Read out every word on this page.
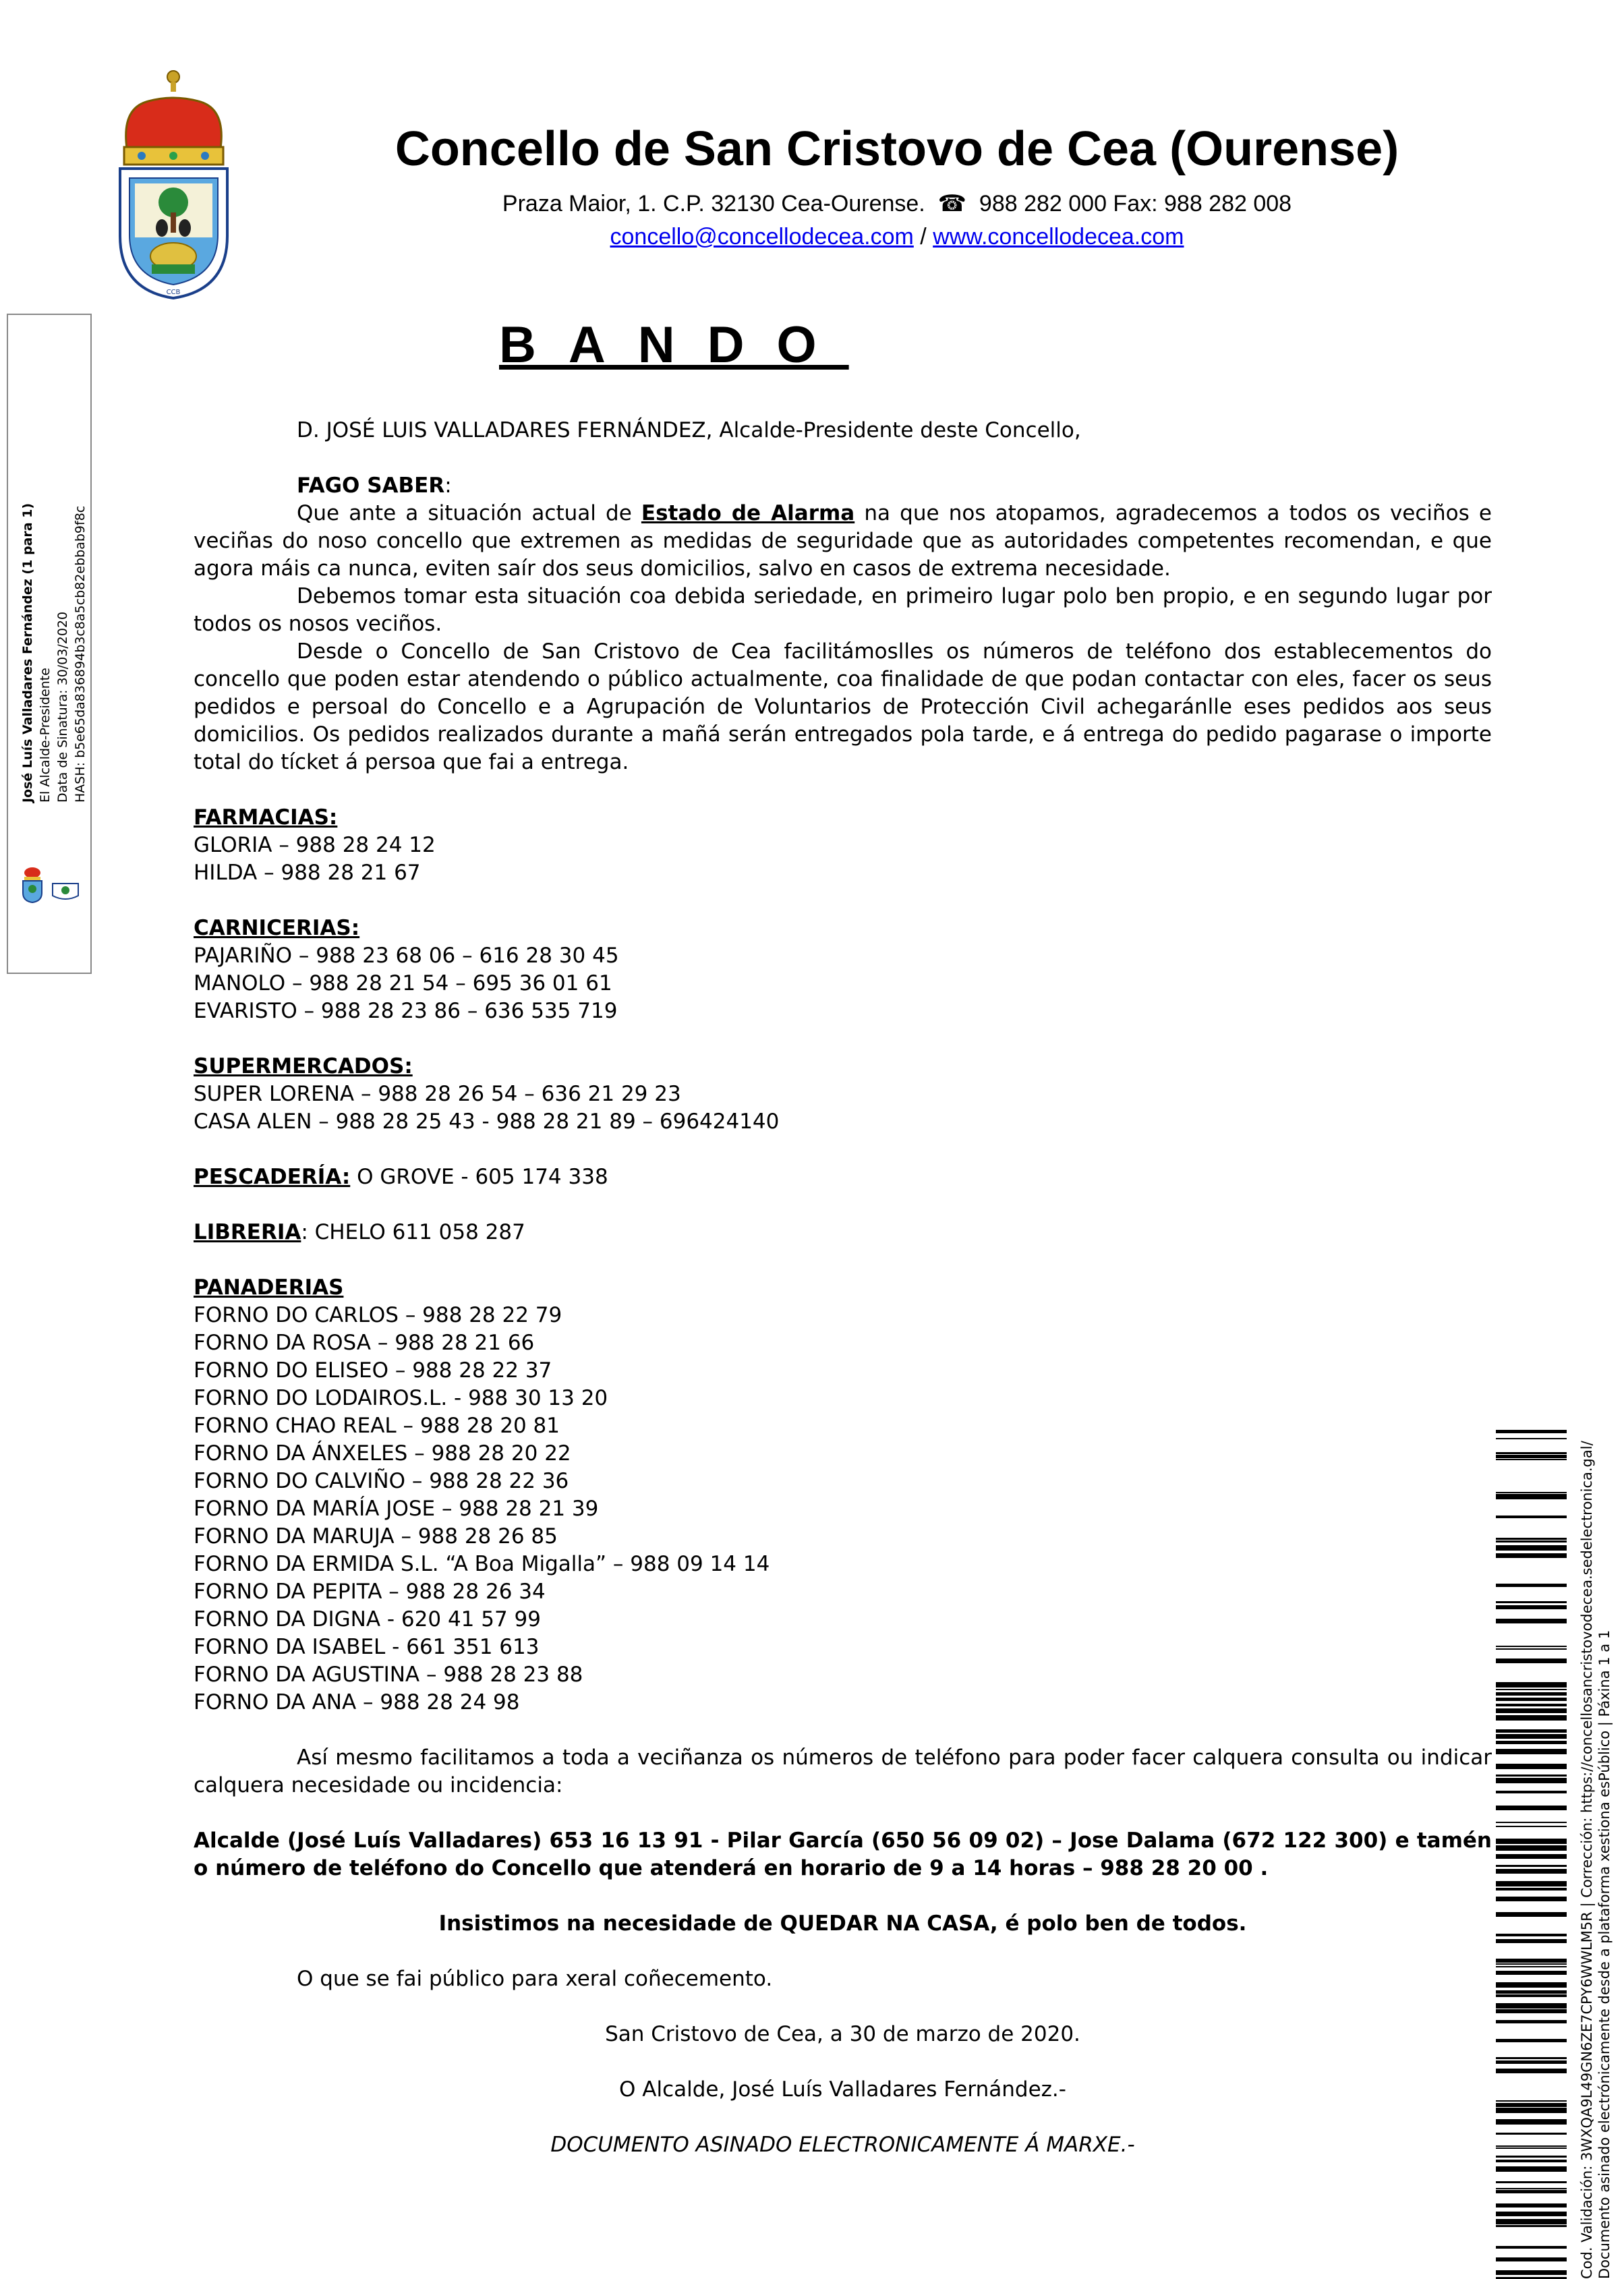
CCB
Concello de San Cristovo de Cea (Ourense)
Praza Maior, 1. C.P. 32130 Cea-Ourense.  ☎  988 282 000 Fax: 988 282 008
concello@concellodecea.com / www.concellodecea.com
BANDO
José Luís Valladares Fernández (1 para 1) El Alcalde-Presidente Data de Sinatura: 30/03/2020 HASH: b5e65da836894b3c8a5cb82ebbab9f8c

D. JOSÉ LUIS VALLADARES FERNÁNDEZ, Alcalde-Presidente deste Concello,

FAGO SABER:

Que ante a situación actual de Estado de Alarma na que nos atopamos, agradecemos a todos os veciños e veciñas do noso concello que extremen as medidas de seguridade que as autoridades competentes recomendan, e que agora máis ca nunca, eviten saír dos seus domicilios, salvo en casos de extrema necesidade.

Debemos tomar esta situación coa debida seriedade, en primeiro lugar polo ben propio, e en segundo lugar por todos os nosos veciños.

Desde o Concello de San Cristovo de Cea facilitámoslles os números de teléfono dos establecementos do concello que poden estar atendendo o público actualmente, coa finalidade de que podan contactar con eles, facer os seus pedidos e persoal do Concello e a Agrupación de Voluntarios de Protección Civil achegaránlle eses pedidos aos seus domicilios. Os pedidos realizados durante a mañá serán entregados pola tarde, e á entrega do pedido pagarase o importe total do tícket á persoa que fai a entrega.

FARMACIAS:

GLORIA – 988 28 24 12

HILDA – 988 28 21 67

CARNICERIAS:

PAJARIÑO – 988 23 68 06 – 616 28 30 45

MANOLO – 988 28 21 54 – 695 36 01 61

EVARISTO – 988 28 23 86 – 636 535 719

SUPERMERCADOS:

SUPER LORENA – 988 28 26 54 – 636 21 29 23

CASA ALEN – 988 28 25 43 - 988 28 21 89 – 696424140

PESCADERÍA: O GROVE - 605 174 338

LIBRERIA: CHELO 611 058 287

PANADERIAS

FORNO DO CARLOS – 988 28 22 79

FORNO DA ROSA – 988 28 21 66

FORNO DO ELISEO – 988 28 22 37

FORNO DO LODAIROS.L. - 988 30 13 20

FORNO CHAO REAL – 988 28 20 81

FORNO DA ÁNXELES – 988 28 20 22

FORNO DO CALVIÑO – 988 28 22 36

FORNO DA MARÍA JOSE – 988 28 21 39

FORNO DA MARUJA – 988 28 26 85

FORNO DA ERMIDA S.L. “A Boa Migalla” – 988 09 14 14

FORNO DA PEPITA – 988 28 26 34

FORNO DA DIGNA - 620 41 57 99

FORNO DA ISABEL - 661 351 613

FORNO DA AGUSTINA – 988 28 23 88

FORNO DA ANA – 988 28 24 98

Así mesmo facilitamos a toda a veciñanza os números de teléfono para poder facer calquera consulta ou indicar calquera necesidade ou incidencia:

Alcalde (José Luís Valladares) 653 16 13 91 - Pilar García (650 56 09 02) – Jose Dalama (672 122 300) e tamén

o número de teléfono do Concello que atenderá en horario de 9 a 14 horas – 988 28 20 00 .

Insistimos na necesidade de QUEDAR NA CASA, é polo ben de todos.

O que se fai público para xeral coñecemento.

San Cristovo de Cea, a 30 de marzo de 2020.

O Alcalde, José Luís Valladares Fernández.-

DOCUMENTO ASINADO ELECTRONICAMENTE Á MARXE.-	Cod. Validación: 3WXQA9L49GN6ZE7CPY6WWLM5R | Corrección: https://concellosancristovodecea.sedelectronica.gal/ Documento asinado electrónicamente desde a plataforma xestiona esPúblico | Páxina 1 a 1
